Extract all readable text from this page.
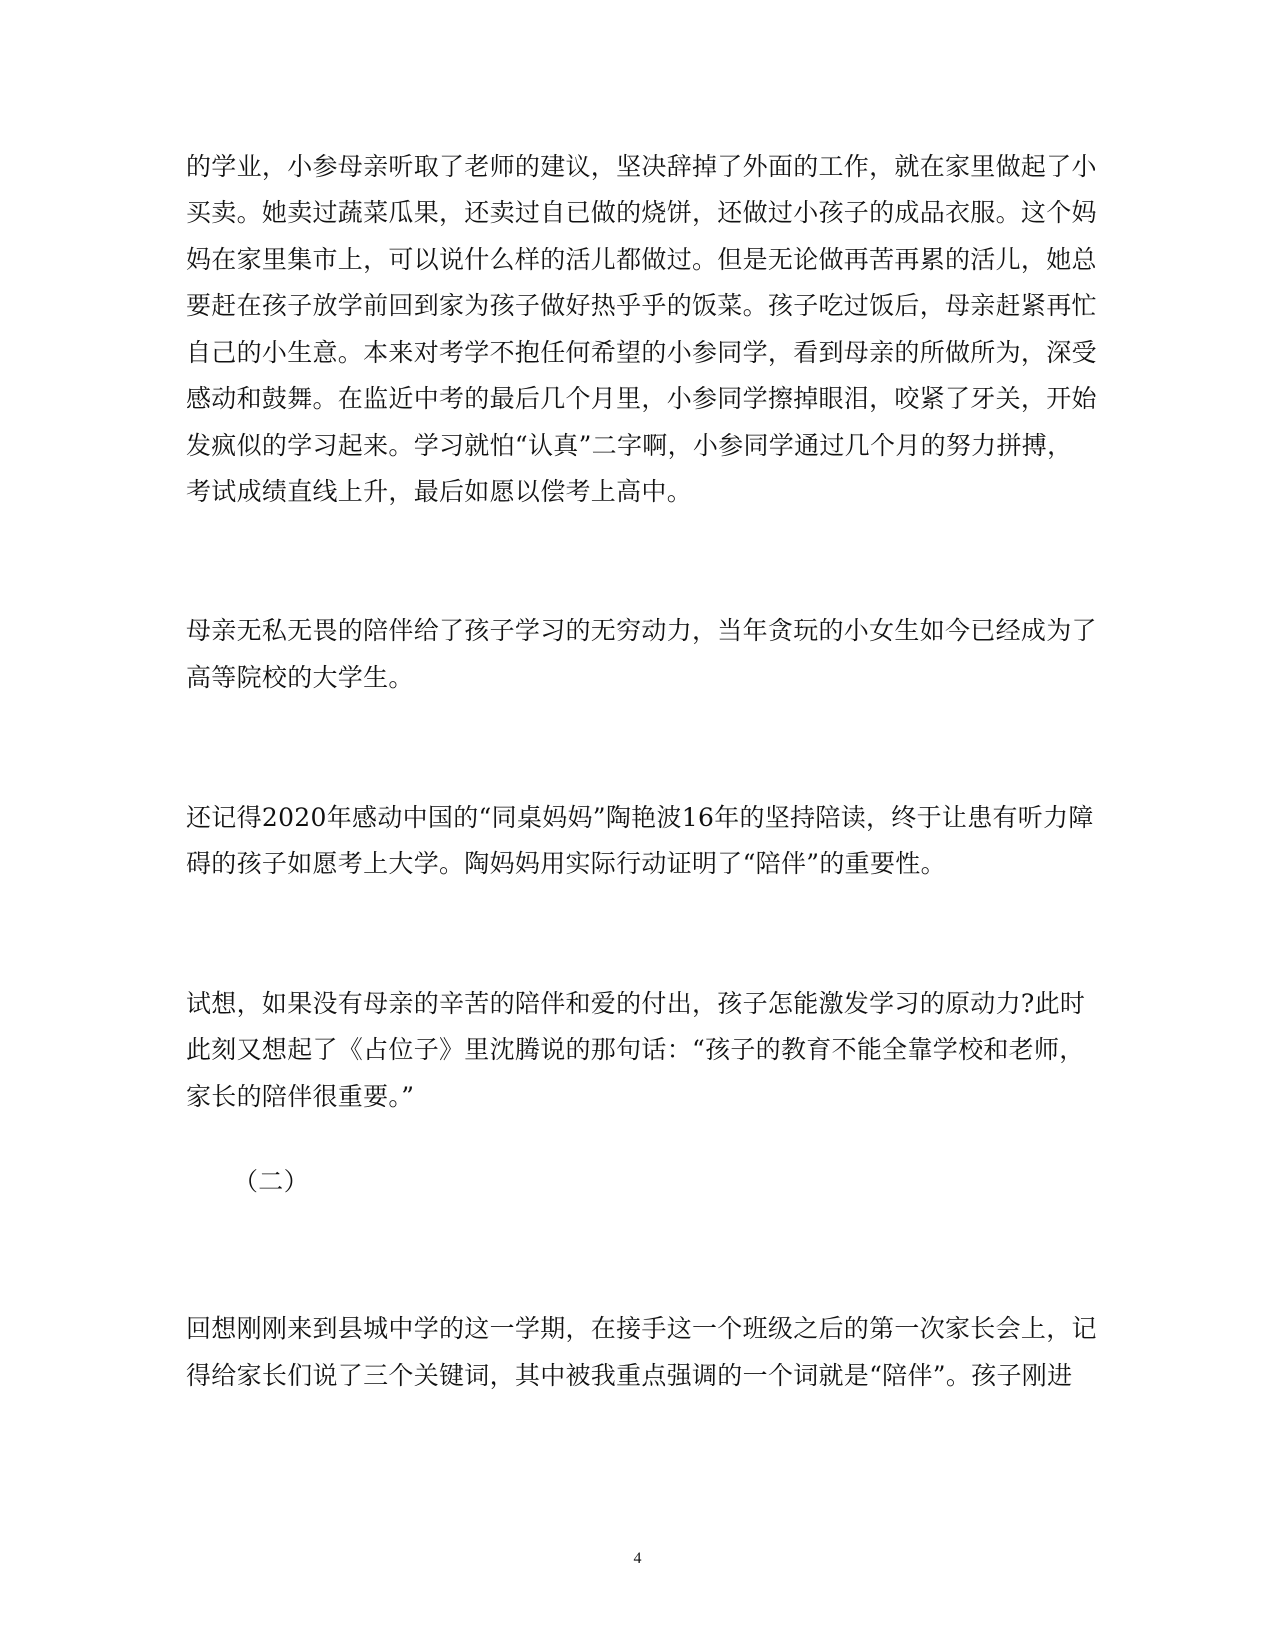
的学业，小参母亲听取了老师的建议，坚决辞掉了外面的工作，就在家里做起了小
买卖。她卖过蔬菜瓜果，还卖过自已做的烧饼，还做过小孩子的成品衣服。这个妈
妈在家里集市上，可以说什么样的活儿都做过。但是无论做再苦再累的活儿，她总
要赶在孩子放学前回到家为孩子做好热乎乎的饭菜。孩子吃过饭后，母亲赶紧再忙
自己的小生意。本来对考学不抱任何希望的小参同学，看到母亲的所做所为，深受
感动和鼓舞。在监近中考的最后几个月里，小参同学擦掉眼泪，咬紧了牙关，开始
发疯似的学习起来。学习就怕“认真”二字啊，小参同学通过几个月的努力拼搏，
考试成绩直线上升，最后如愿以偿考上高中。
母亲无私无畏的陪伴给了孩子学习的无穷动力，当年贪玩的小女生如今已经成为了
高等院校的大学生。
还记得2020年感动中国的“同桌妈妈”陶艳波16年的坚持陪读，终于让患有听力障
碍的孩子如愿考上大学。陶妈妈用实际行动证明了“陪伴”的重要性。
试想，如果没有母亲的辛苦的陪伴和爱的付出，孩子怎能激发学习的原动力?此时
此刻又想起了《占位子》里沈腾说的那句话：“孩子的教育不能全靠学校和老师，
家长的陪伴很重要。”
（二）
回想刚刚来到县城中学的这一学期，在接手这一个班级之后的第一次家长会上，记
得给家长们说了三个关键词，其中被我重点强调的一个词就是“陪伴”。孩子刚进
4
